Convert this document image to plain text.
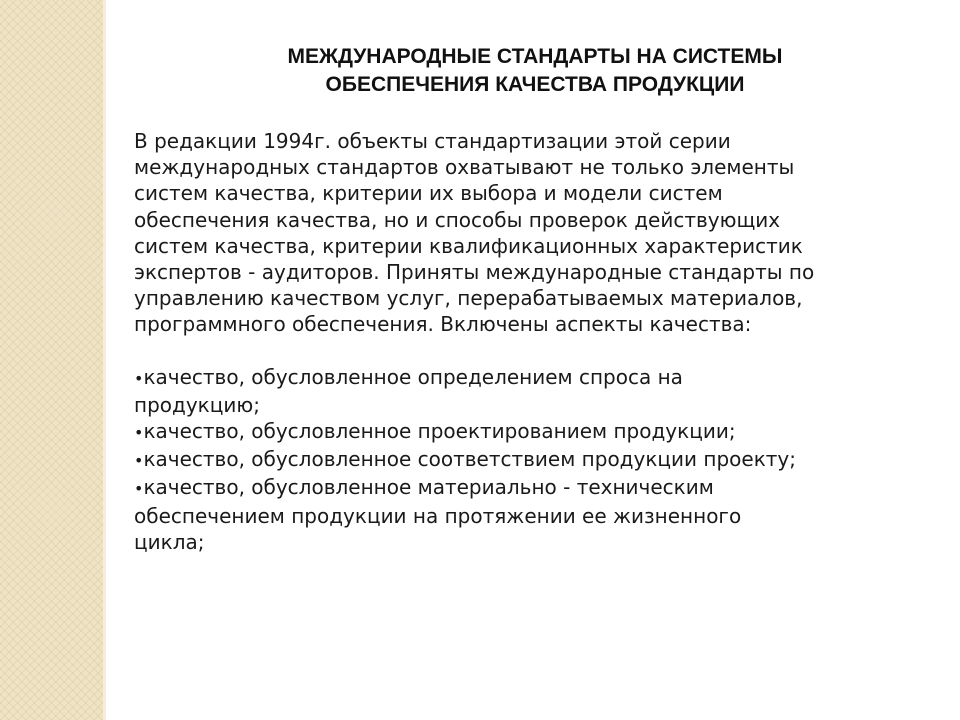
МЕЖДУНАРОДНЫЕ СТАНДАРТЫ НА СИСТЕМЫ
ОБЕСПЕЧЕНИЯ КАЧЕСТВА ПРОДУКЦИИ
В редакции 1994г. объекты стандартизации этой серии
международных стандартов охватывают не только элементы
систем качества, критерии их выбора и модели систем
обеспечения качества, но и способы проверок действующих
систем качества, критерии квалификационных характеристик
экспертов - аудиторов. Приняты международные стандарты по
управлению качеством услуг, перерабатываемых материалов,
программного обеспечения. Включены аспекты качества:
•качество, обусловленное определением спроса на
продукцию;
•качество, обусловленное проектированием продукции;
•качество, обусловленное соответствием продукции проекту;
•качество, обусловленное материально - техническим
обеспечением продукции на протяжении ее жизненного
цикла;
